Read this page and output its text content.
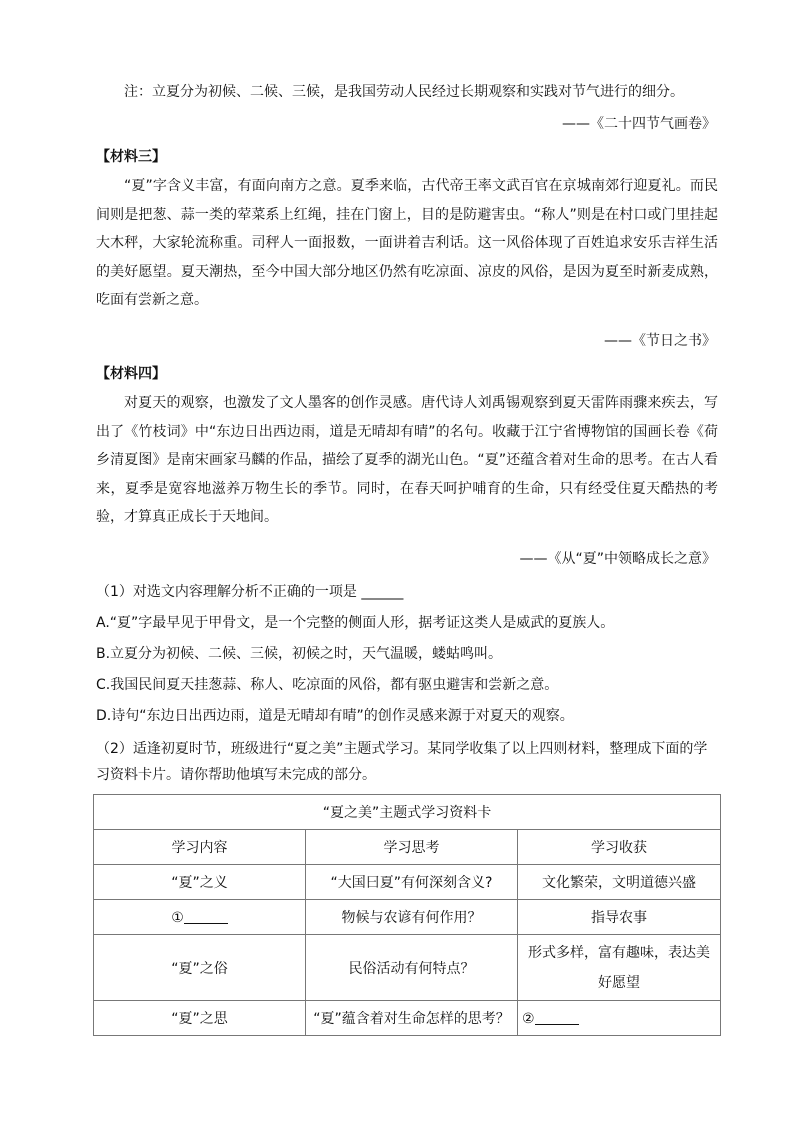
注：立夏分为初候、二候、三候，是我国劳动人民经过长期观察和实践对节气进行的细分。
——《二十四节气画卷》
【材料三】

“夏”字含义丰富，有面向南方之意。夏季来临，古代帝王率文武百官在京城南郊行迎夏礼。而民间则是把葱、蒜一类的荤菜系上红绳，挂在门窗上，目的是防避害虫。“称人”则是在村口或门里挂起大木秤，大家轮流称重。司秤人一面报数，一面讲着吉利话。这一风俗体现了百姓追求安乐吉祥生活的美好愿望。夏天潮热，至今中国大部分地区仍然有吃凉面、凉皮的风俗，是因为夏至时新麦成熟，吃面有尝新之意。

——《节日之书》
【材料四】

对夏天的观察，也激发了文人墨客的创作灵感。唐代诗人刘禹锡观察到夏天雷阵雨骤来疾去，写出了《竹枝词》中“东边日出西边雨，道是无晴却有晴”的名句。收藏于江宁省博物馆的国画长卷《荷乡清夏图》是南宋画家马麟的作品，描绘了夏季的湖光山色。“夏”还蕴含着对生命的思考。在古人看来，夏季是宽容地滋养万物生长的季节。同时，在春天呵护哺育的生命，只有经受住夏天酷热的考验，才算真正成长于天地间。

——《从“夏”中领略成长之意》
（1）对选文内容理解分析不正确的一项是 ______
A.“夏”字最早见于甲骨文，是一个完整的侧面人形，据考证这类人是威武的夏族人。
B.立夏分为初候、二候、三候，初候之时，天气温暖，蝼蛄鸣叫。
C.我国民间夏天挂葱蒜、称人、吃凉面的风俗，都有驱虫避害和尝新之意。
D.诗句“东边日出西边雨，道是无晴却有晴”的创作灵感来源于对夏天的观察。
（2）适逢初夏时节，班级进行“夏之美”主题式学习。某同学收集了以上四则材料，整理成下面的学
习资料卡片。请你帮助他填写未完成的部分。
“夏之美”主题式学习资料卡		
学习内容	学习思考	学习收获
“夏”之义	“大国曰夏”有何深刻含义?	文化繁荣，文明道德兴盛
①	物候与农谚有何作用？	指导农事
“夏”之俗	民俗活动有何特点？	形式多样，富有趣味，表达美好愿望
“夏”之思	“夏”蕴含着对生命怎样的思考？	②
